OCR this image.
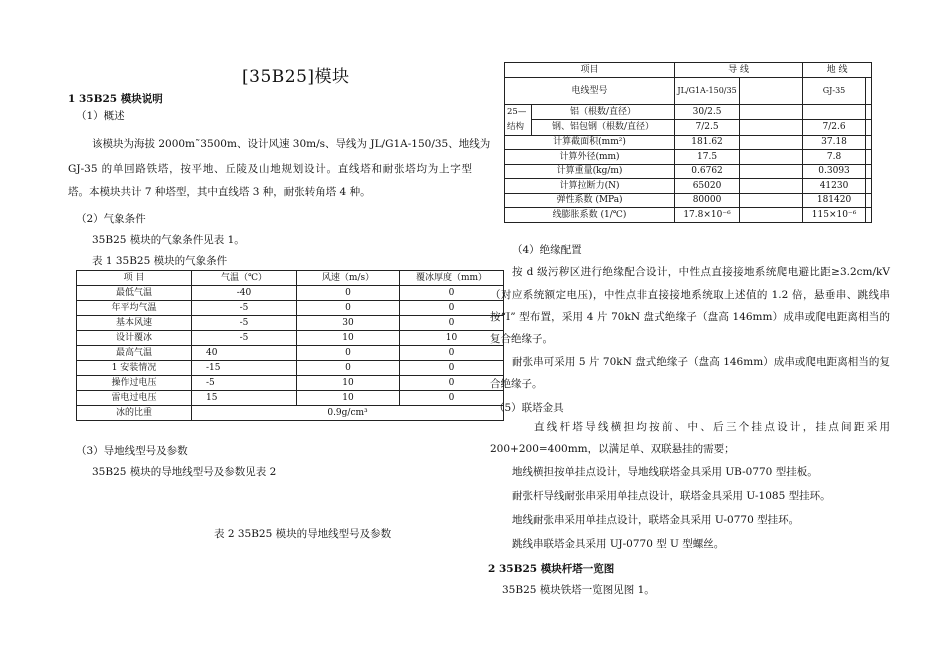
[35B25]模块
1 35B25 模块说明
（1）概述
该模块为海拔 2000m˜3500m、设计风速 30m/s、导线为 JL/G1A-150/35、地线为
GJ-35 的单回路铁塔，按平地、丘陵及山地规划设计。直线塔和耐张塔均为上字型
塔。本模块共计 7 种塔型，其中直线塔 3 种，耐张转角塔 4 种。
（2）气象条件
35B25 模块的气象条件见表 1。
表 1 35B25 模块的气象条件
项 目	气温（℃）	风速（m/s）	覆冰厚度（mm）
最低气温	-40	0	0
年平均气温	-5	0	0
基本风速	-5	30	0
设计覆冰	-5	10	10
最高气温	40	0	0
1 安装情况	-15	0	0
操作过电压	-5	10	0
雷电过电压	15	10	0
冰的比重	0.9g/cm³		
（3）导地线型号及参数
35B25 模块的导地线型号及参数见表 2
表 2 35B25 模块的导地线型号及参数
项目		导 线		地 线	
电线型号		JL/G1A-150/35		GJ-35	
25—结构	铝（根数/直径）	30/2.5			
	钢、铝包钢（根数/直径）	7/2.5		7/2.6	
计算截面积(mm²)		181.62		37.18	
计算外径(mm)		17.5		7.8	
计算重量(kg/m)		0.6762		0.3093	
计算拉断力(N)		65020		41230	
弹性系数 (MPa)		80000		181420	
线膨胀系数 (1/℃)		17.8×10⁻⁶		115×10⁻⁶	
（4）绝缘配置
按 d 级污秽区进行绝缘配合设计，中性点直接接地系统爬电避比距≥3.2cm/kV
（对应系统额定电压)，中性点非直接接地系统取上述值的 1.2 倍，悬垂串、跳线串
按“I” 型布置，采用 4 片 70kN 盘式绝缘子（盘高 146mm）成串或爬电距离相当的
复合绝缘子。
耐张串可采用 5 片 70kN 盘式绝缘子（盘高 146mm）成串或爬电距离相当的复
合绝缘子。
（5）联塔金具
直线杆塔导线横担均按前、中、后三个挂点设计，挂点间距采用
200+200=400mm，以满足单、双联悬挂的需要；
地线横担按单挂点设计，导地线联塔金具采用 UB-0770 型挂板。
耐张杆导线耐张串采用单挂点设计，联塔金具采用 U-1085 型挂环。
地线耐张串采用单挂点设计，联塔金具采用 U-0770 型挂环。
跳线串联塔金具采用 UJ-0770 型 U 型螺丝。
2 35B25 模块杆塔一览图
35B25 模块铁塔一览图见图 1。
